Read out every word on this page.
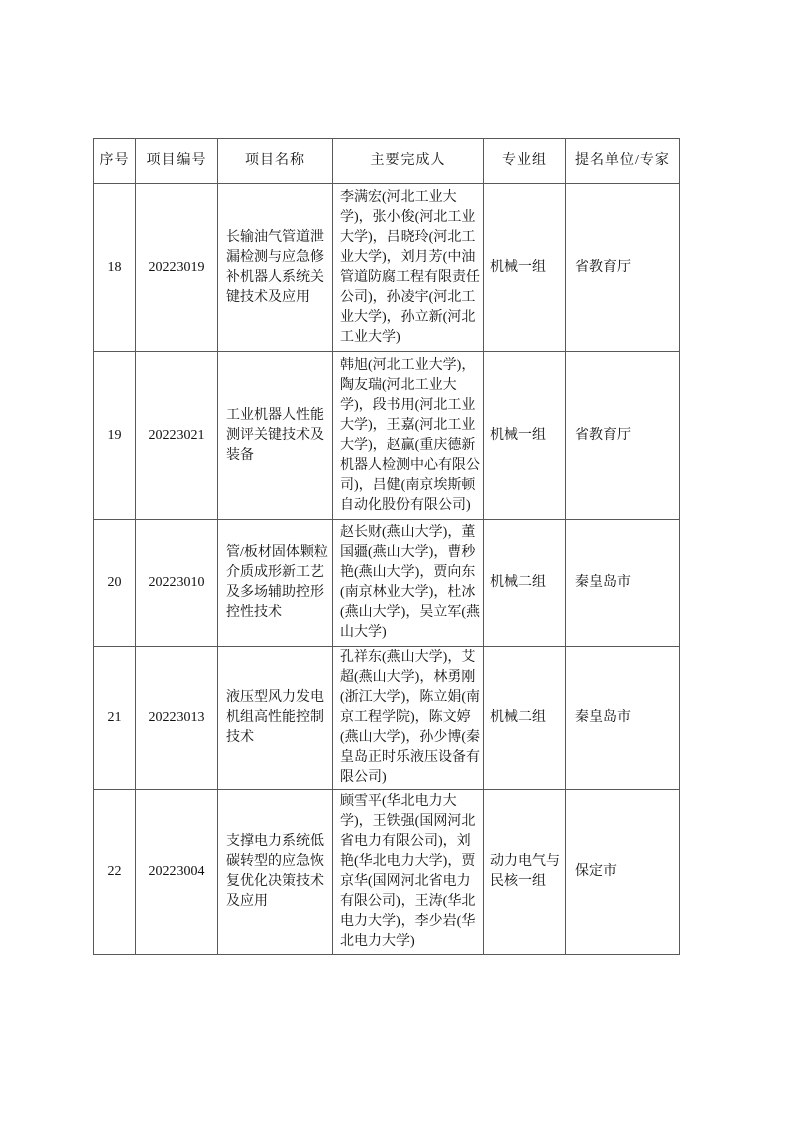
序号	项目编号	项目名称	主要完成人	专业组	提名单位/专家
18	20223019	长输油气管道泄漏检测与应急修补机器人系统关键技术及应用	李满宏(河北工业大学)，张小俊(河北工业大学)，吕晓玲(河北工业大学)，刘月芳(中油管道防腐工程有限责任公司)，孙凌宇(河北工业大学)，孙立新(河北工业大学)	机械一组	省教育厅
19	20223021	工业机器人性能测评关键技术及装备	韩旭(河北工业大学)，陶友瑞(河北工业大学)，段书用(河北工业大学)，王嘉(河北工业大学)，赵赢(重庆德新机器人检测中心有限公司)，吕健(南京埃斯顿自动化股份有限公司)	机械一组	省教育厅
20	20223010	管/板材固体颗粒介质成形新工艺及多场辅助控形控性技术	赵长财(燕山大学)，董国疆(燕山大学)，曹秒艳(燕山大学)，贾向东(南京林业大学)，杜冰(燕山大学)，吴立军(燕山大学)	机械二组	秦皇岛市
21	20223013	液压型风力发电机组高性能控制技术	孔祥东(燕山大学)，艾超(燕山大学)，林勇刚(浙江大学)，陈立娟(南京工程学院)，陈文婷(燕山大学)，孙少博(秦皇岛正时乐液压设备有限公司)	机械二组	秦皇岛市
22	20223004	支撑电力系统低碳转型的应急恢复优化决策技术及应用	顾雪平(华北电力大学)，王铁强(国网河北省电力有限公司)，刘艳(华北电力大学)，贾京华(国网河北省电力有限公司)，王涛(华北电力大学)，李少岩(华北电力大学)	动力电气与民核一组	保定市
